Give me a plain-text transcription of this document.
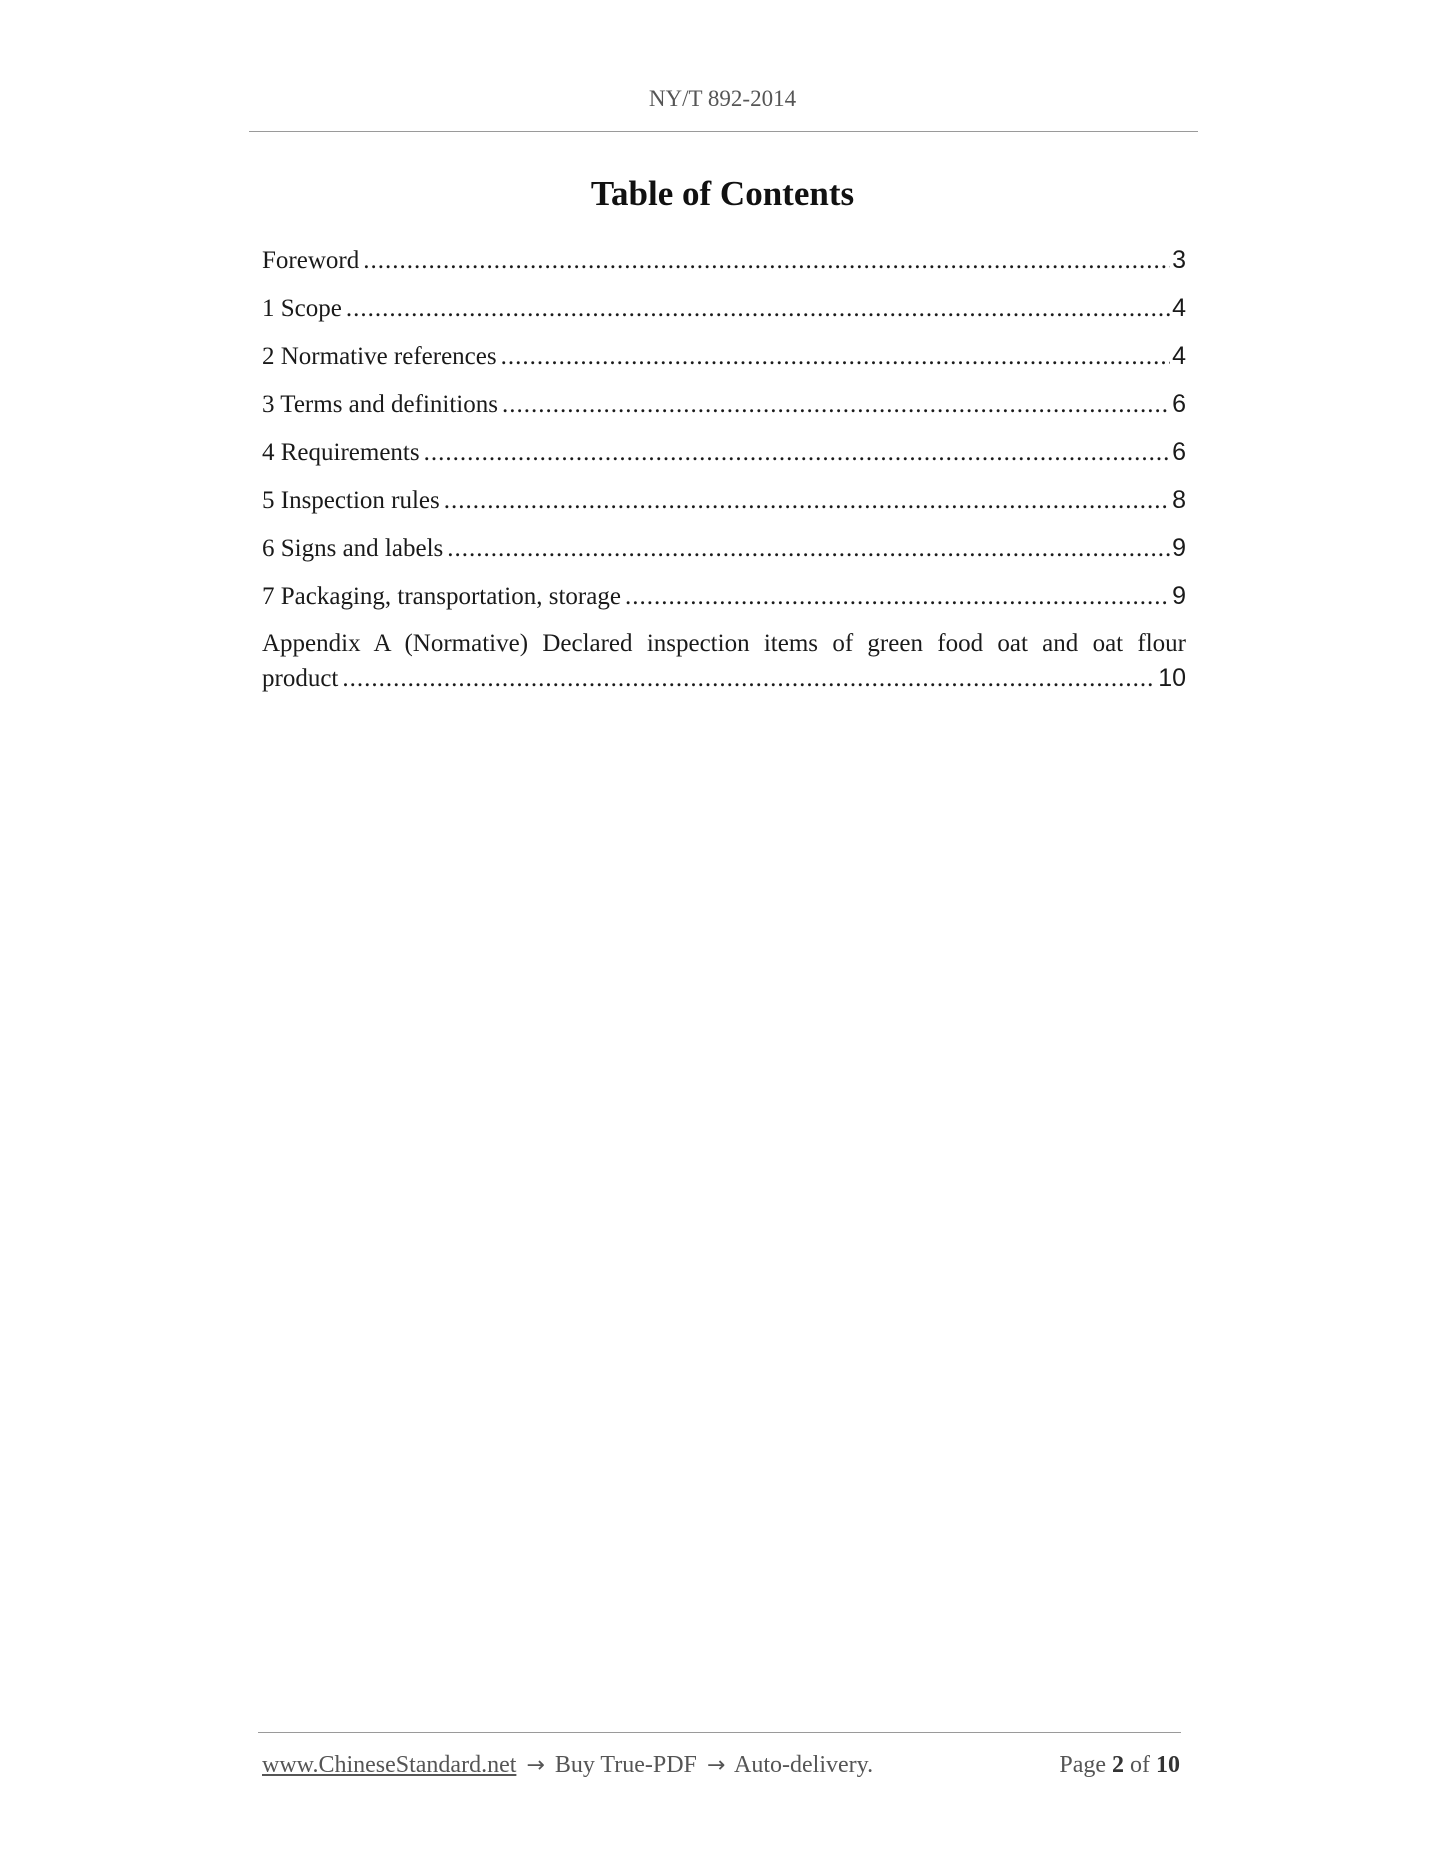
NY/T 892-2014
Table of Contents
Foreword .....	3
1 Scope .....	4
2 Normative references .....	4
3 Terms and definitions .....	6
4 Requirements .....	6
5 Inspection rules .....	8
6 Signs and labels .....	9
7 Packaging, transportation, storage .....	9
Appendix A (Normative) Declared inspection items of green food oat and oat flour
product .....	10
www.ChineseStandard.net → Buy True-PDF → Auto-delivery.	Page 2 of 10
